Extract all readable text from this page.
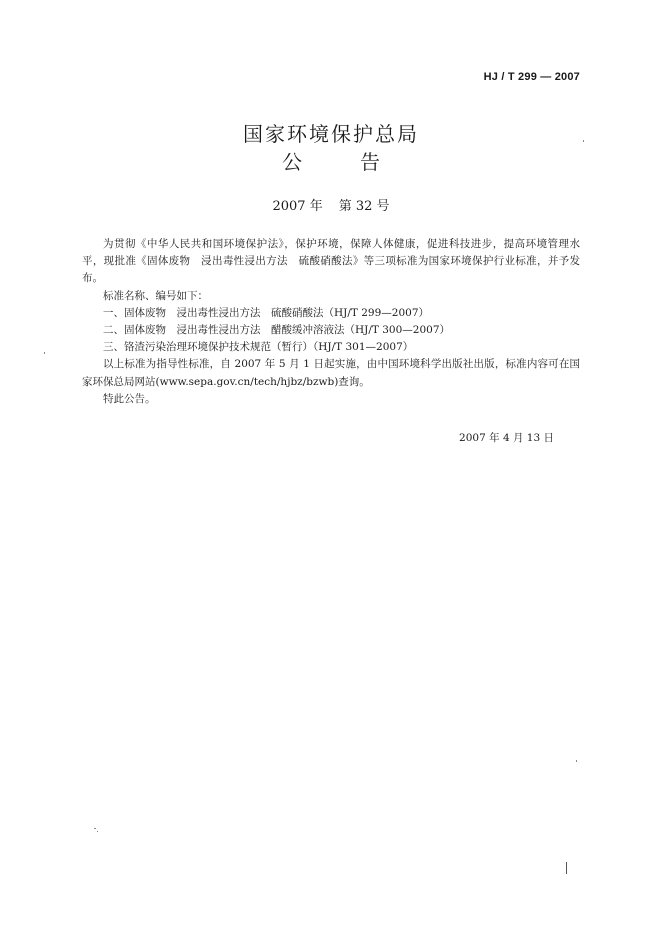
HJ / T 299 — 2007
国家环境保护总局
公	告
2007 年 第 32 号

为贯彻《中华人民共和国环境保护法》，保护环境，保障人体健康，促进科技进步，提高环境管理水平，现批准《固体废物　浸出毒性浸出方法　硫酸硝酸法》等三项标准为国家环境保护行业标准，并予发布。

标准名称、编号如下：

一、固体废物　浸出毒性浸出方法　硫酸硝酸法（HJ/T 299—2007）

二、固体废物　浸出毒性浸出方法　醋酸缓冲溶液法（HJ/T 300—2007）

三、铬渣污染治理环境保护技术规范（暂行）（HJ/T 301—2007）

以上标准为指导性标准，自 2007 年 5 月 1 日起实施，由中国环境科学出版社出版，标准内容可在国家环保总局网站(www.sepa.gov.cn/tech/hjbz/bzwb)查询。

特此公告。

2007 年 4 月 13 日
